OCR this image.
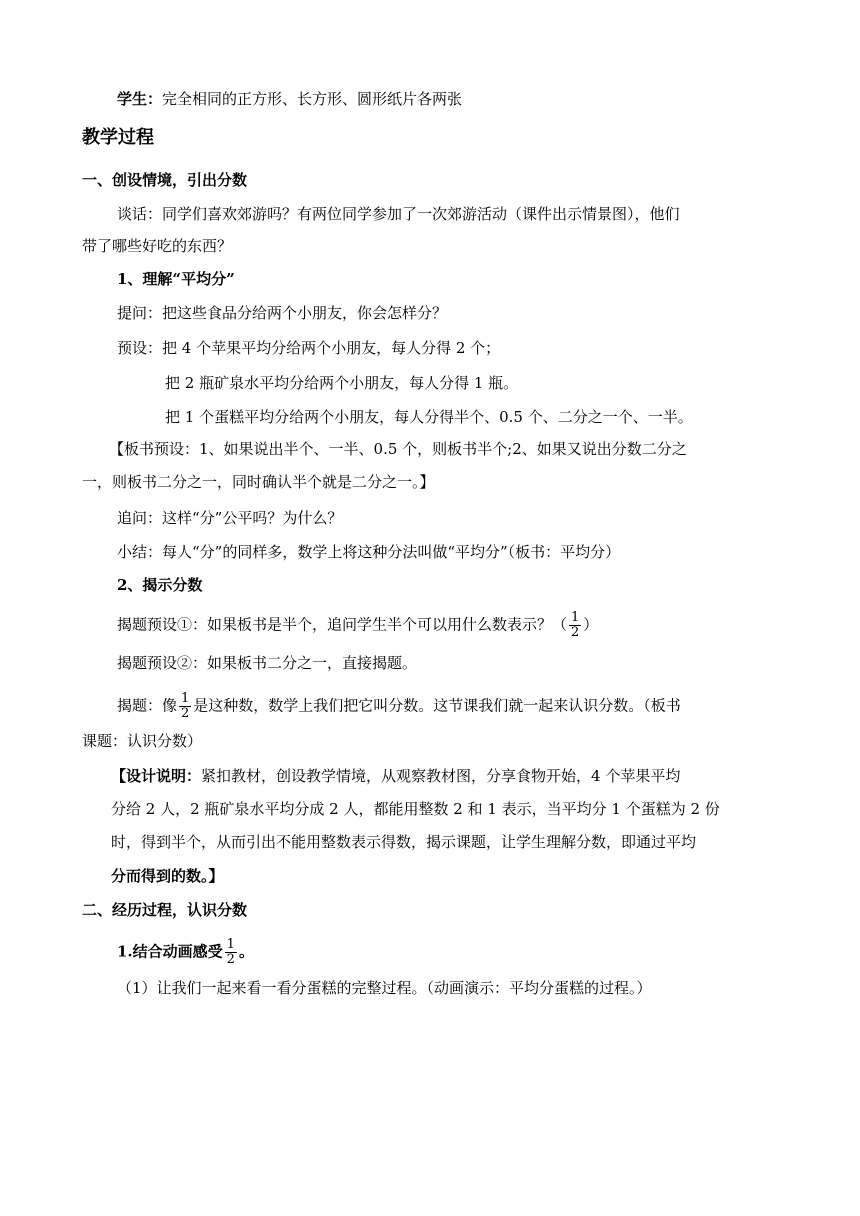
学生：完全相同的正方形、长方形、圆形纸片各两张
教学过程
一、创设情境，引出分数
谈话：同学们喜欢郊游吗？有两位同学参加了一次郊游活动（课件出示情景图），他们
带了哪些好吃的东西？
1、理解“平均分”
提问：把这些食品分给两个小朋友，你会怎样分？
预设：把 4 个苹果平均分给两个小朋友，每人分得 2 个；
把 2 瓶矿泉水平均分给两个小朋友，每人分得 1 瓶。
把 1 个蛋糕平均分给两个小朋友，每人分得半个、0.5 个、二分之一个、一半。
【板书预设：1、如果说出半个、一半、0.5 个，则板书半个;2、如果又说出分数二分之
一，则板书二分之一，同时确认半个就是二分之一。】
追问：这样“分”公平吗？为什么？
小结：每人“分”的同样多，数学上将这种分法叫做“平均分”（板书：平均分）
2、揭示分数
揭题预设①：如果板书是半个，追问学生半个可以用什么数表示？（ $\frac{1}{2}$ ）
揭题预设②：如果板书二分之一，直接揭题。
揭题：像 $\frac{1}{2}$ 是这种数，数学上我们把它叫分数。这节课我们就一起来认识分数。（板书
课题：认识分数）
【设计说明：紧扣教材，创设教学情境，从观察教材图，分享食物开始，4 个苹果平均
分给 2 人，2 瓶矿泉水平均分成 2 人，都能用整数 2 和 1 表示，当平均分 1 个蛋糕为 2 份
时，得到半个，从而引出不能用整数表示得数，揭示课题，让学生理解分数，即通过平均
分而得到的数。】
二、经历过程，认识分数
1.结合动画感受 $\frac{1}{2}$ 。
（1）让我们一起来看一看分蛋糕的完整过程。（动画演示：平均分蛋糕的过程。）
